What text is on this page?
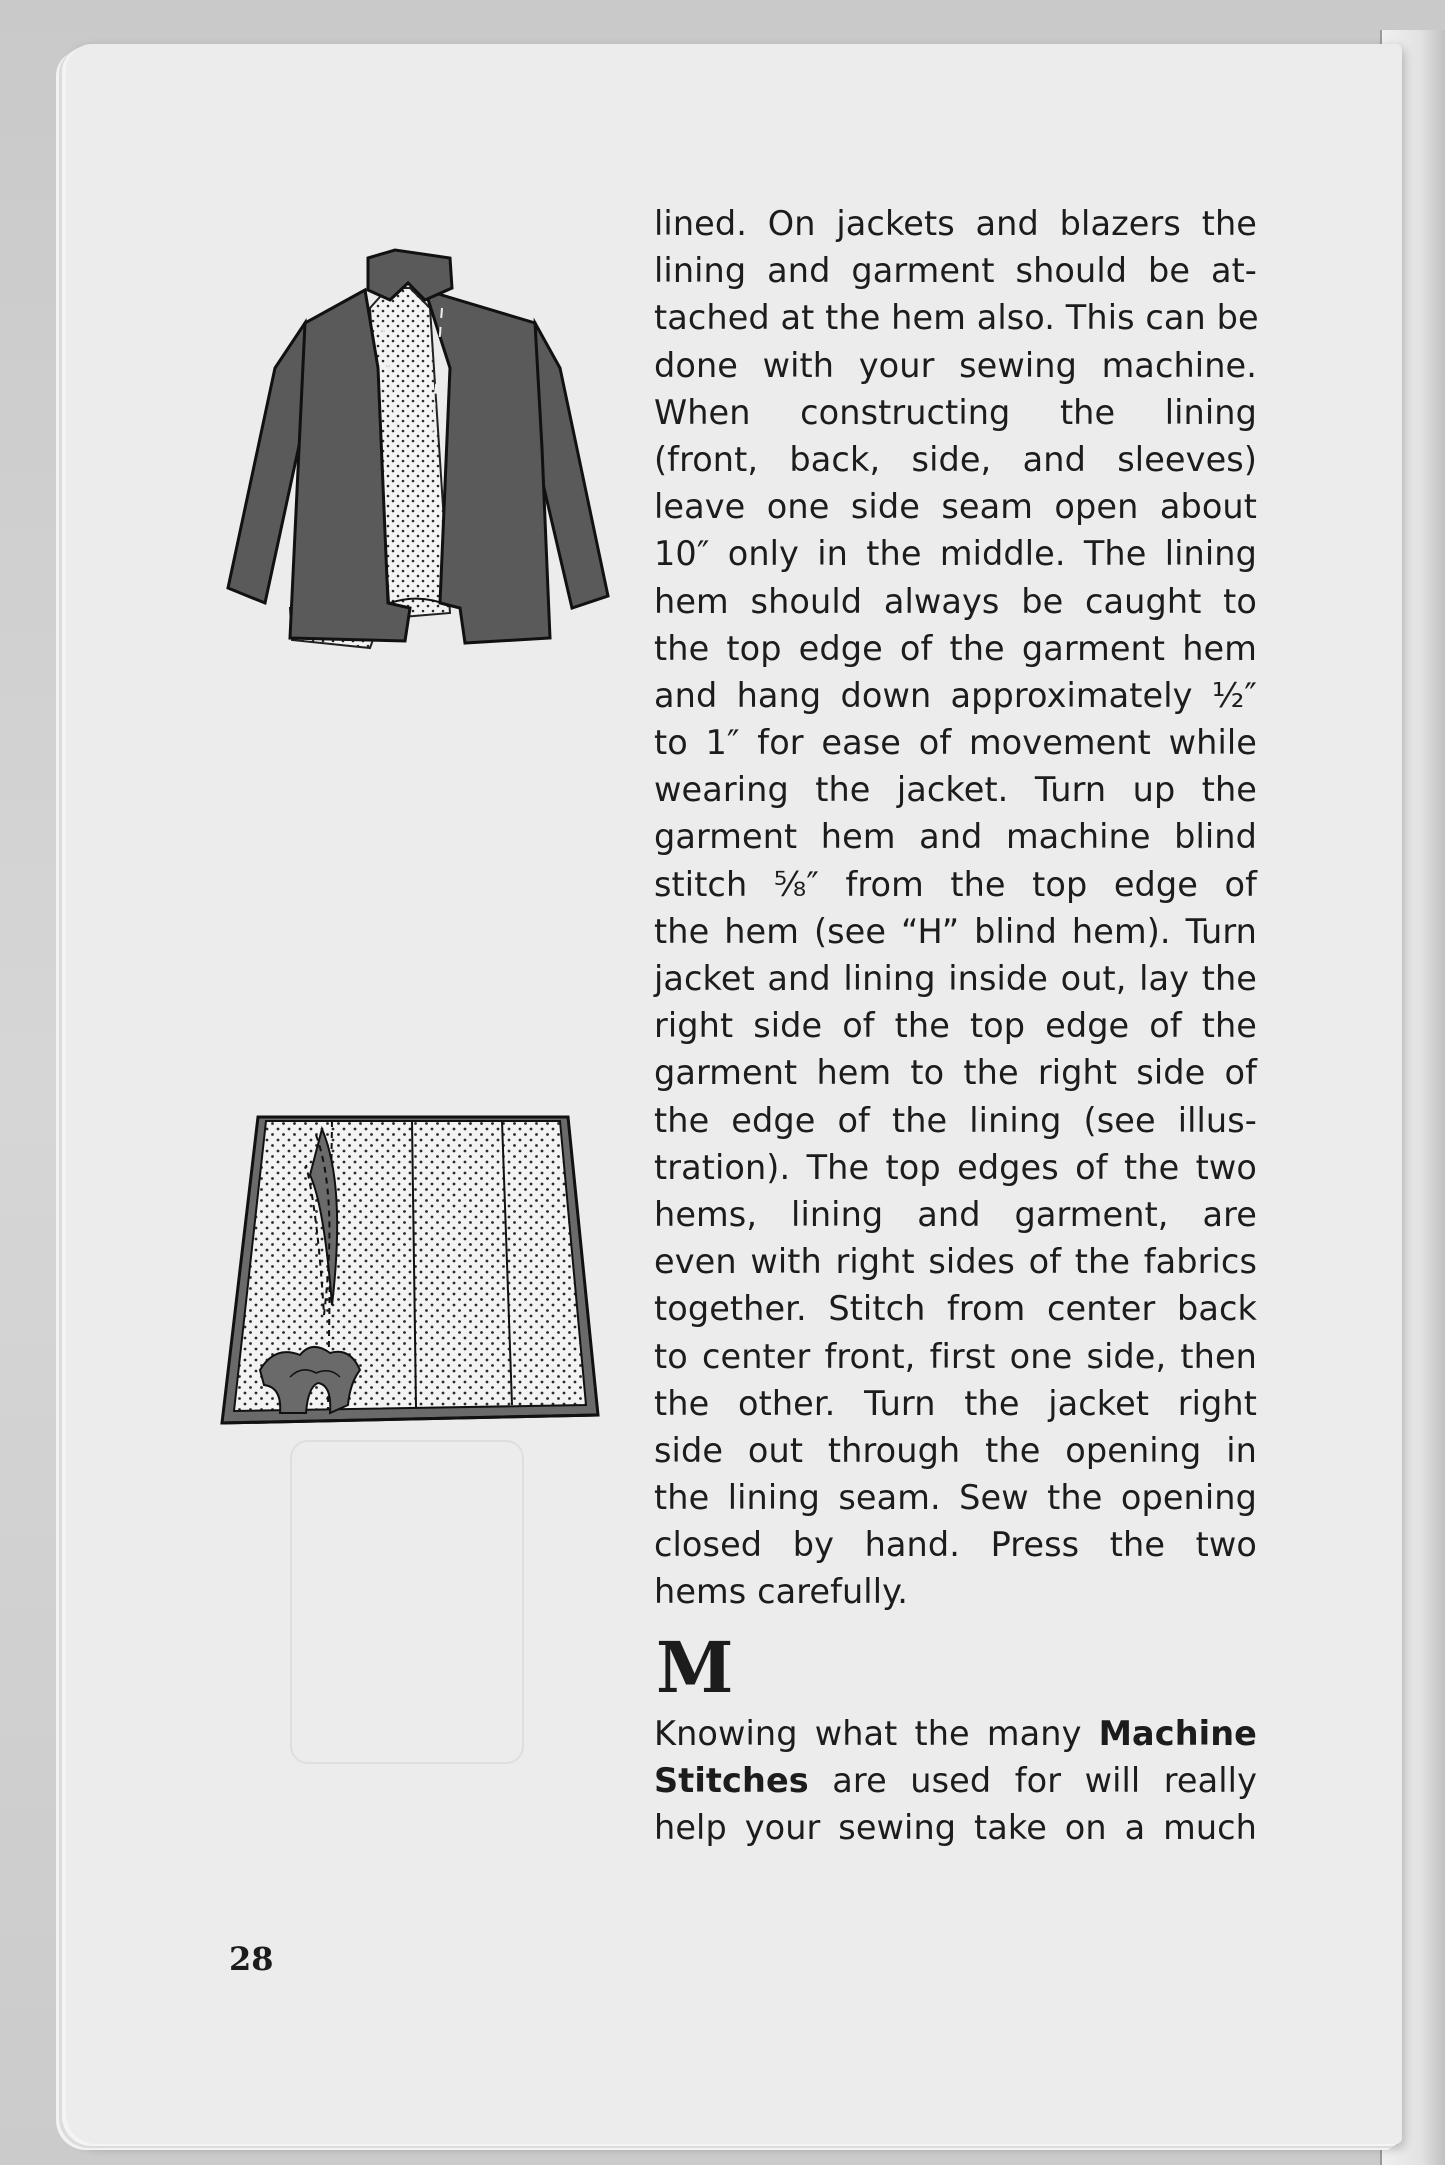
lined. On jackets and blazers the
lining and garment should be at-
tached at the hem also. This can be
done with your sewing machine.
When constructing the lining
(front, back, side, and sleeves)
leave one side seam open about
10″ only in the middle. The lining
hem should always be caught to
the top edge of the garment hem
and hang down approximately ½″
to 1″ for ease of movement while
wearing the jacket. Turn up the
garment hem and machine blind
stitch ⅝″ from the top edge of
the hem (see “H” blind hem). Turn
jacket and lining inside out, lay the
right side of the top edge of the
garment hem to the right side of
the edge of the lining (see illus-
tration). The top edges of the two
hems, lining and garment, are
even with right sides of the fabrics
together. Stitch from center back
to center front, first one side, then
the other. Turn the jacket right
side out through the opening in
the lining seam. Sew the opening
closed by hand. Press the two
hems carefully.
M
Knowing what the many Machine
Stitches are used for will really
help your sewing take on a much
28
